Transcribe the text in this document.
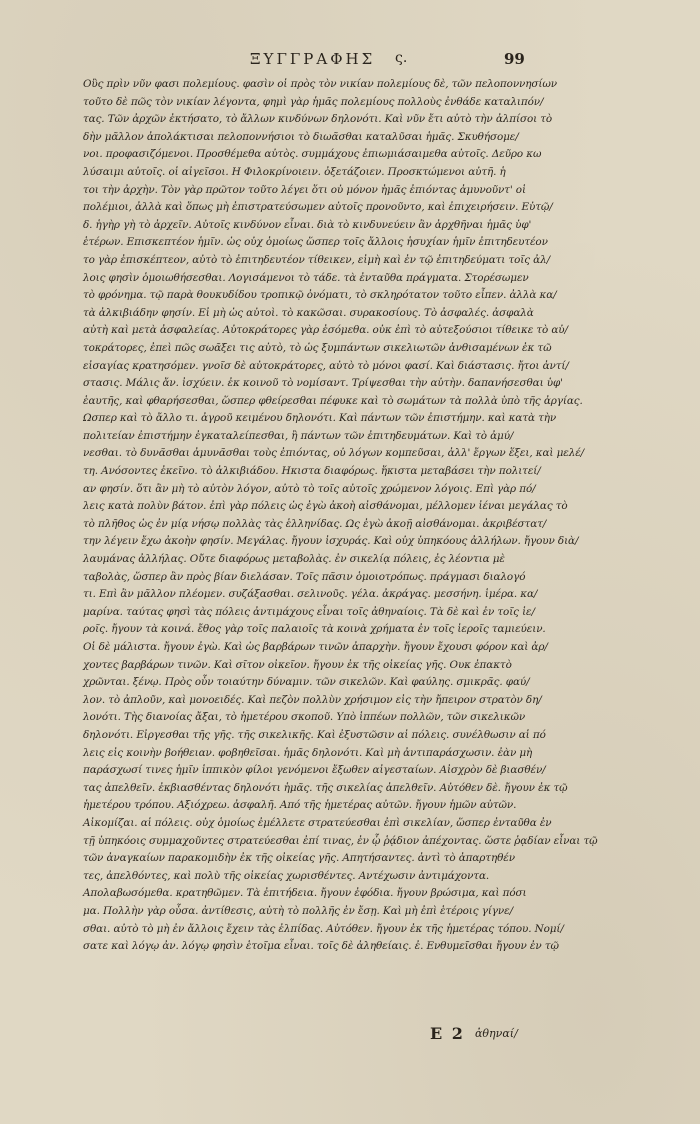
ΞΥΓΓΡΑΦΗΣ ς.	99
Οὓς πρὶν νῦν φασι πολεμίους. φασὶν οἱ πρὸς τὸν νικίαν πολεμίους δὲ, τῶν πελοποννησίων
τοῦτο δὲ πῶς τὸν νικίαν λέγοντα, φημὶ γὰρ ἡμᾶς πολεμίους πολλοὺς ἐνθάδε καταλιπόν/
τας. Τῶν ἀρχῶν ἐκτήσατο, τὸ ἄλλων κινδύνων δηλονότι. Καὶ νῦν ἔτι αὐτὸ τὴν ἀλπίσοι τὸ
δὴν μᾶλλον ἀπολάκτισαι πελοποννήσιοι τὸ διωᾶσθαι καταλῦσαι ἡμᾶς. Σκυθήσομε/
νοι. προφασιζόμενοι. Προσθέμεθα αὐτὸς. συμμάχους ἐπιωμιάσαιμεθα αὐτοῖς. Δεῦρο κω
λύσαιμι αὐτοῖς. οἱ αἰγεῖσοι. Η Φιλοκρίνοιειν. ὀξετάζοιεν. Προσκτώμενοι αὐτῆ. ἡ
τοι τὴν ἀρχὴν. Τὸν γὰρ πρῶτον τοῦτο λέγει ὅτι οὐ μόνον ἡμᾶς ἐπιόντας ἀμυνοῦντ' οἱ
πολέμιοι, ἀλλὰ καὶ ὅπως μὴ ἐπιστρατεύσωμεν αὐτοῖς προνοῦντο, καὶ ἐπιχειρήσειν. Εὐτῷ/
δ. ἡγὴρ γὴ τὸ ἀρχεῖν. Αὐτοῖς κινδύνον εἶναι. διὰ τὸ κινδυνεύειν ἂν ἀρχθῆναι ἡμᾶς ὑφ'
ἑτέρων. Επισκεπτέον ἡμῖν. ὡς οὐχ ὁμοίως ὥσπερ τοῖς ἄλλοις ἡσυχίαν ἡμῖν ἐπιτηδευτέον
το γὰρ ἐπισκέπτεον, αὐτὸ τὸ ἐπιτηδευτέον τίθεικεν, εἰμὴ καὶ ἐν τῷ ἐπιτηδεύματι τοῖς ἀλ/
λοις φησὶν ὁμοιωθήσεσθαι. Λογισάμενοι τὸ τάδε. τὰ ἐνταῦθα πράγματα. Στορέσωμεν
τὸ φρόνημα. τῷ παρὰ θουκυδίδου τροπικῷ ὀνόματι, τὸ σκληρότατον τοῦτο εἶπεν. ἀλλὰ κα/
τὰ ἀλκιβιάδην φησίν. Εἰ μὴ ὡς αὐτοὶ. τὸ κακῶσαι. συρακοσίους. Τὸ ἀσφαλές. ἀσφαλὰ
αὐτὴ καὶ μετὰ ἀσφαλείας. Αὐτοκράτορες γὰρ ἐσόμεθα. οὐκ ἐπὶ τὸ αὐτεξούσιοι τίθεικε τὸ αὐ/
τοκράτορες, ἐπεὶ πῶς σωᾶξει τις αὐτὸ, τὸ ὡς ξυμπάντων σικελιωτῶν ἀνθισαμένων ἐκ τῶ
εἰσαγίας κρατησόμεν. γνοῖσ δὲ αὐτοκράτορες, αὐτὸ τὸ μόνοι φασί. Καὶ διάστασις. ἤτοι ἀντί/
στασις. Μάλις ἄν. ἰσχύειν. ἐκ κοινοῦ τὸ νομίσαντ. Τρίψεσθαι τὴν αὐτὴν. δαπανήσεσθαι ὑφ'
ἑαυτῆς, καὶ φθαρήσεσθαι, ὥσπερ φθείρεσθαι πέφυκε καὶ τὸ σωμάτων τὰ πολλὰ ὑπὸ τῆς ἀργίας.
Ωσπερ καὶ τὸ ἄλλο τι. ἀγροῦ κειμένου δηλονότι. Καὶ πάντων τῶν ἐπιστήμην. καὶ κατὰ τὴν
πολιτείαν ἐπιστήμην ἐγκαταλείπεσθαι, ἢ πάντων τῶν ἐπιτηδευμάτων. Καὶ τὸ ἀμύ/
νεσθαι. τὸ δυνᾶσθαι ἀμυνᾶσθαι τοὺς ἐπιόντας, οὐ λόγων κομπεῦσαι, ἀλλ' ἔργων ἕξει, καὶ μελέ/
τη. Ανόσοντες ἐκεῖνο. τὸ ἀλκιβιάδου. Ηκιστα διαφόρως. ἥκιστα μεταβάσει τὴν πολιτεί/
αν φησίν. ὅτι ἂν μὴ τὸ αὐτὸν λόγον, αὐτὸ τὸ τοῖς αὐτοῖς χρώμενον λόγοις. Επὶ γὰρ πό/
λεις κατὰ πολὺν βάτον. ἐπὶ γὰρ πόλεις ὡς ἐγὼ ἀκοὴ αἰσθάνομαι, μέλλομεν ἰέναι μεγάλας τὸ
τὸ πλῆθος ὡς ἐν μίᾳ νήσῳ πολλὰς τὰς ἑλληνίδας. Ως ἐγὼ ἀκοῇ αἰσθάνομαι. ἀκριβέστατ/
την λέγειν ἔχω ἀκοὴν φησίν. Μεγάλας. ἤγουν ἰσχυράς. Καὶ οὐχ ὑπηκόους ἀλλήλων. ἤγουν διὰ/
λαυμάνας ἀλλήλας. Οὔτε διαφόρως μεταβολὰς. ἐν σικελίᾳ πόλεις, ἐς λέοντια μὲ
ταβολὰς, ὥσπερ ἂν πρὸς βίαν διελάσαν. Τοῖς πᾶσιν ὁμοιοτρόπως. πράγμασι διαλογό
τι. Επὶ ἂν μᾶλλον πλέομεν. συζάξασθαι. σελινοῦς. γέλα. ἀκράγας. μεσσήνη. ἱμέρα. κα/
μαρίνα. ταύτας φησὶ τὰς πόλεις ἀντιμάχους εἶναι τοῖς ἀθηναίοις. Τὰ δὲ καὶ ἐν τοῖς ἱε/
ροῖς. ἤγουν τὰ κοινά. ἔθος γὰρ τοῖς παλαιοῖς τὰ κοινὰ χρήματα ἐν τοῖς ἱεροῖς ταμιεύειν.
Οἱ δὲ μάλιστα. ἤγουν ἐγὼ. Καὶ ὡς βαρβάρων τινῶν ἀπαρχὴν. ἤγουν ἔχουσι φόρον καὶ ἀρ/
χοντες βαρβάρων τινῶν. Καὶ σῖτον οἰκεῖον. ἤγουν ἐκ τῆς οἰκείας γῆς. Ουκ ἐπακτὸ
χρῶνται. ξένῳ. Πρὸς οὖν τοιαύτην δύναμιν. τῶν σικελῶν. Καὶ φαύλης. σμικρᾶς. φαύ/
λον. τὸ ἀπλοῦν, καὶ μονοειδές. Καὶ πεζὸν πολλὺν χρήσιμον εἰς τὴν ἤπειρον στρατὸν δη/
λονότι. Τὴς διανοίας ἄξαι, τὸ ἡμετέρου σκοποῦ. Υπὸ ἱππέων πολλῶν, τῶν σικελικῶν
δηλονότι. Εἰργεσθαι τῆς γῆς. τῆς σικελικῆς. Καὶ ἐξυστῶσιν αἱ πόλεις. συνέλθωσιν αἱ πό
λεις εἰς κοινὴν βοήθειαν. φοβηθεῖσαι. ἡμᾶς δηλονότι. Καὶ μὴ ἀντιπαράσχωσιν. ἐὰν μὴ
παράσχωσί τινες ἡμῖν ἱππικὸν φίλοι γενόμενοι ἔξωθεν αἰγεσταίων. Αἰσχρὸν δὲ βιασθέν/
τας ἀπελθεῖν. ἐκβιασθέντας δηλονότι ἡμᾶς. τῆς σικελίας ἀπελθεῖν. Αὐτόθεν δὲ. ἤγουν ἐκ τῷ
ἡμετέρου τρόπου. Αξιόχρεω. ἀσφαλῆ. Από τῆς ἡμετέρας αὐτῶν. ἤγουν ἡμῶν αὐτῶν.
Αἰκομίζαι. αἱ πόλεις. οὐχ ὁμοίως ἐμέλλετε στρατεύεσθαι ἐπὶ σικελίαν, ὥσπερ ἐνταῦθα ἐν
τῇ ὑπηκόοις συμμαχοῦντες στρατεύεσθαι ἐπί τινας, ἐν ᾧ ῥᾴδιον ἀπέχοντας. ὥστε ῥᾳδίαν εἶναι τῷ
τῶν ἀναγκαίων παρακομιδὴν ἐκ τῆς οἰκείας γῆς. Απητήσαντες. ἀντὶ τὸ ἀπαρτηθέν
τες, ἀπελθόντες, καὶ πολὺ τῆς οἰκείας χωρισθέντες. Αντέχωσιν ἀντιμάχοντα.
Απολαβωσόμεθα. κρατηθῶμεν. Τὰ ἐπιτήδεια. ἤγουν ἐφόδια. ἤγουν βρώσιμα, καὶ πόσι
μα. Πολλὴν γὰρ οὖσα. ἀντίθεσις, αὐτὴ τὸ πολλῆς ἐν ἔσῃ. Καὶ μὴ ἐπὶ ἑτέροις γίγνε/
σθαι. αὐτὸ τὸ μὴ ἐν ἄλλοις ἔχειν τὰς ἐλπίδας. Αὐτόθεν. ἤγουν ἐκ τῆς ἡμετέρας τόπου. Νομί/
σατε καὶ λόγῳ ἀν. λόγῳ φησὶν ἑτοῖμα εἶναι. τοῖς δὲ ἀληθείαις. ἐ. Ενθυμεῖσθαι ἤγουν ἐν τῷ
Ε 2 ἀθηναί/
